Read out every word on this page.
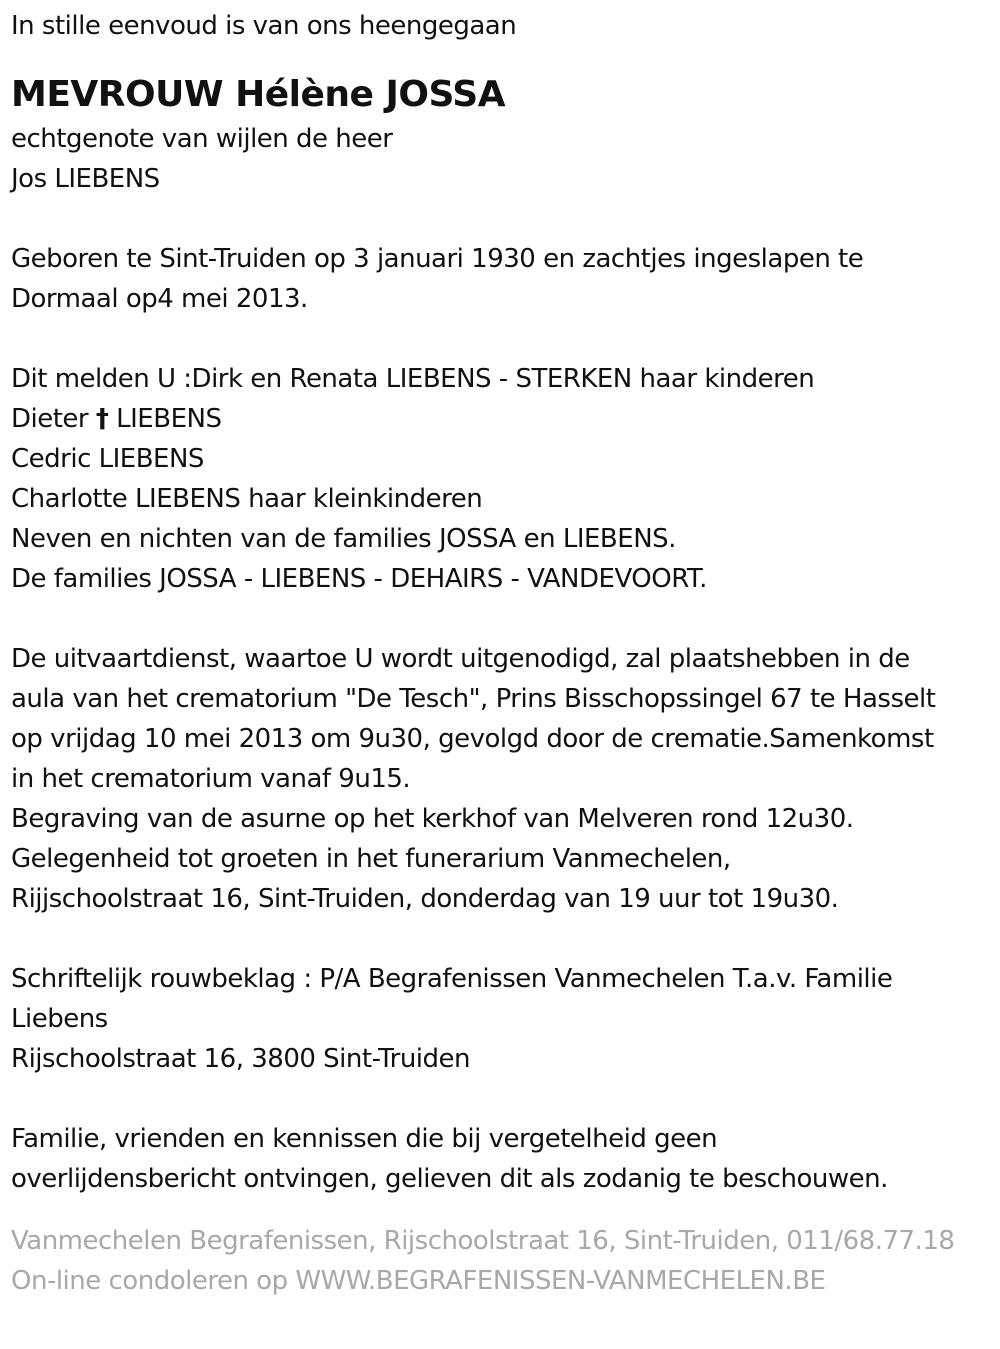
In stille eenvoud is van ons heengegaan
MEVROUW Hélène JOSSA
echtgenote van wijlen de heer
Jos LIEBENS
Geboren te Sint-Truiden op 3 januari 1930 en zachtjes ingeslapen te
Dormaal op4 mei 2013.
Dit melden U :Dirk en Renata LIEBENS - STERKEN haar kinderen
Dieter † LIEBENS
Cedric LIEBENS
Charlotte LIEBENS haar kleinkinderen
Neven en nichten van de families JOSSA en LIEBENS.
De families JOSSA - LIEBENS - DEHAIRS - VANDEVOORT.
De uitvaartdienst, waartoe U wordt uitgenodigd, zal plaatshebben in de
aula van het crematorium "De Tesch", Prins Bisschopssingel 67 te Hasselt
op vrijdag 10 mei 2013 om 9u30, gevolgd door de crematie.Samenkomst
in het crematorium vanaf 9u15.
Begraving van de asurne op het kerkhof van Melveren rond 12u30.
Gelegenheid tot groeten in het funerarium Vanmechelen,
Rijjschoolstraat 16, Sint-Truiden, donderdag van 19 uur tot 19u30.
Schriftelijk rouwbeklag : P/A Begrafenissen Vanmechelen T.a.v. Familie
Liebens
Rijschoolstraat 16, 3800 Sint-Truiden
Familie, vrienden en kennissen die bij vergetelheid geen
overlijdensbericht ontvingen, gelieven dit als zodanig te beschouwen.
Vanmechelen Begrafenissen, Rijschoolstraat 16, Sint-Truiden, 011/68.77.18
On-line condoleren op WWW.BEGRAFENISSEN-VANMECHELEN.BE
